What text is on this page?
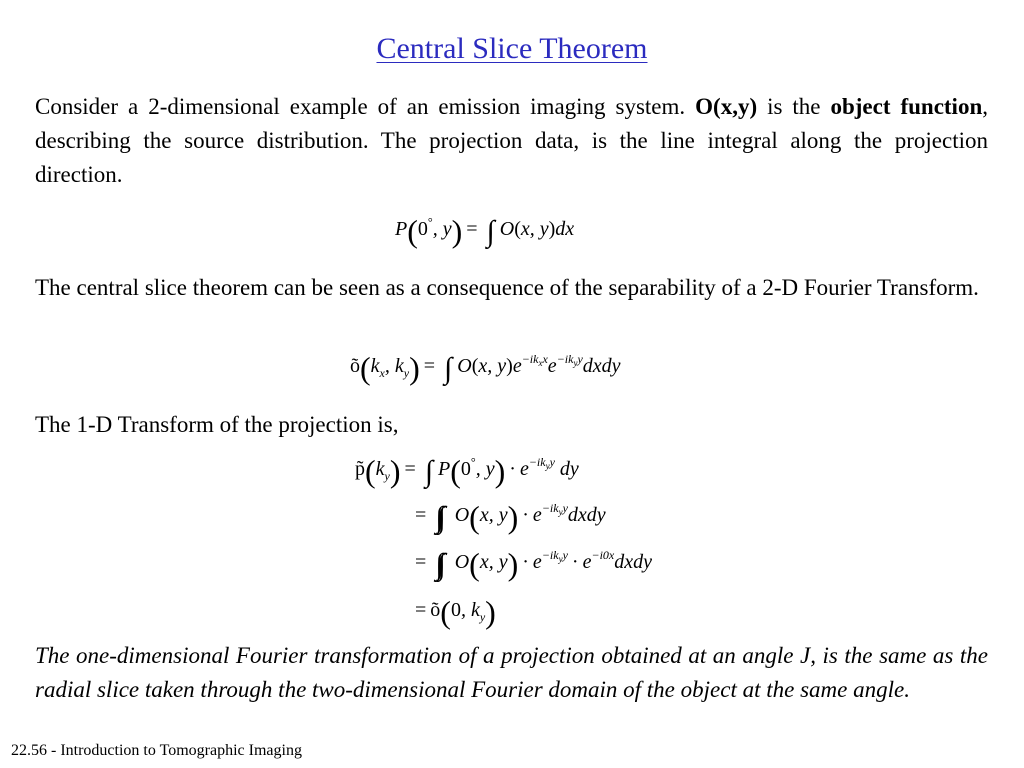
Central Slice Theorem
Consider a 2-dimensional example of an emission imaging system. O(x,y) is the object function, describing the source distribution. The projection data, is the line integral along the projection direction.
P(0°, y) = ∫ O(x, y)dx
The central slice theorem can be seen as a consequence of the separability of a 2-D Fourier Transform.
$õ(k_x$, $k_y$) = ∫ O(x, $y)e^{-ik_xx}e^{-ik_yy}dxdy$
The 1-D Transform of the projection is,
$p̃(k_y)$ = ∫ P(0°, $y) \cdot e^{-ik_yy}$ dy
= ∫∫  O(x, $y) \cdot e^{-ik_yy}dxdy$
= ∫∫  O(x, $y) \cdot e^{-ik_yy}$ · $e^{-i0x}dxdy$
= õ(0, $k_y$)
The one-dimensional Fourier transformation of a projection obtained at an angle J, is the same as the radial slice taken through the two-dimensional Fourier domain of the object at the same angle.
22.56 - Introduction to Tomographic Imaging
